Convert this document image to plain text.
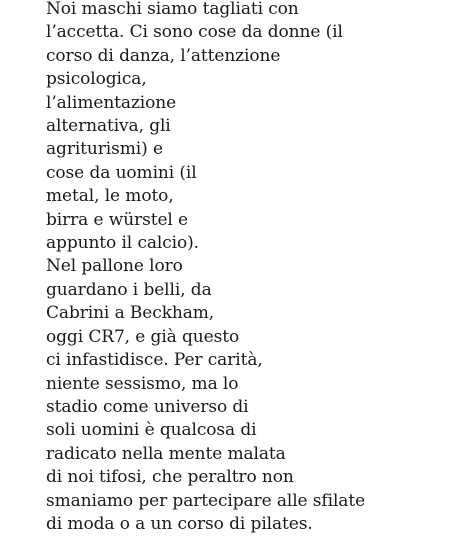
Noi maschi siamo tagliati con
l’accetta. Ci sono cose da donne (il
corso di danza, l’attenzione
psicologica,
l’alimentazione
alternativa, gli
agriturismi) e
cose da uomini (il
metal, le moto,
birra e würstel e
appunto il calcio).
Nel pallone loro
guardano i belli, da
Cabrini a Beckham,
oggi CR7, e già questo
ci infastidisce. Per carità,
niente sessismo, ma lo
stadio come universo di
soli uomini è qualcosa di
radicato nella mente malata
di noi tifosi, che peraltro non
smaniamo per partecipare alle sfilate
di moda o a un corso di pilates.
